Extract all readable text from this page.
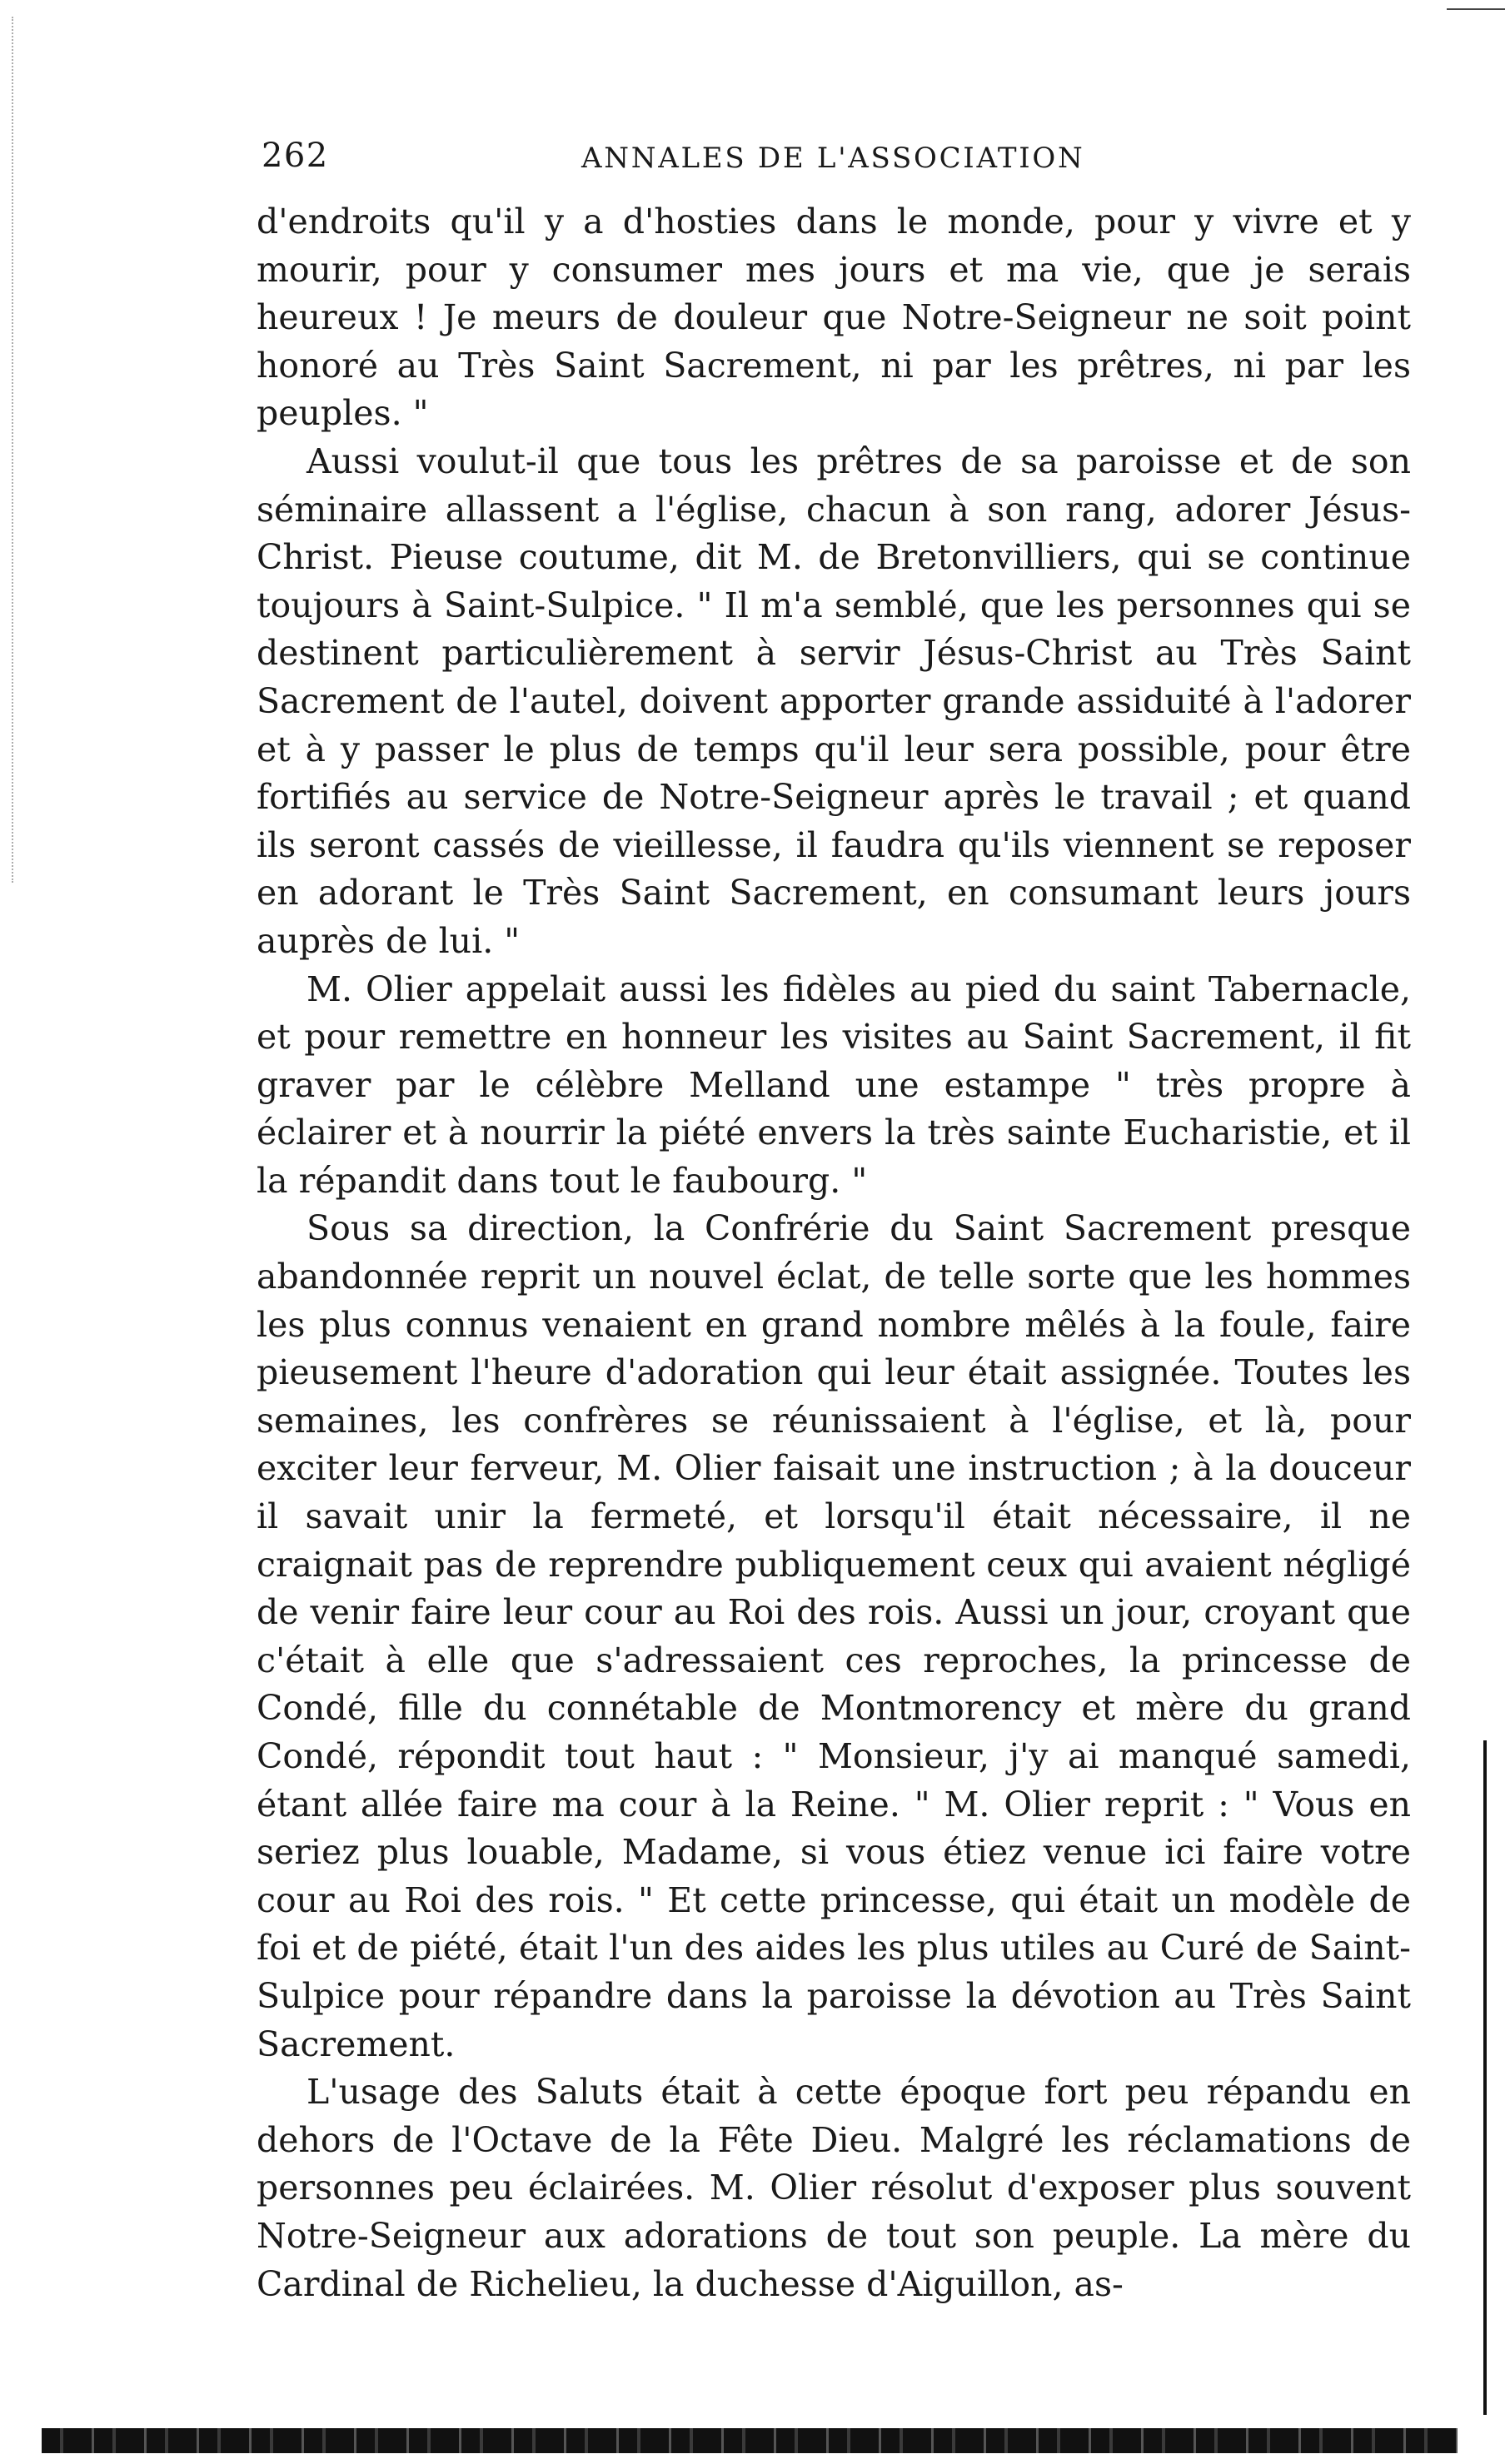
262	ANNALES DE L'ASSOCIATION

d'endroits qu'il y a d'hosties dans le monde, pour y vivre et y mourir, pour y consumer mes jours et ma vie, que je serais heureux ! Je meurs de douleur que Notre-Seigneur ne soit point honoré au Très Saint Sacrement, ni par les prêtres, ni par les peuples. "

Aussi voulut-il que tous les prêtres de sa paroisse et de son séminaire allassent a l'église, chacun à son rang, adorer Jésus-Christ. Pieuse coutume, dit M. de Bretonvilliers, qui se continue toujours à Saint-Sulpice. " Il m'a semblé, que les personnes qui se destinent particulièrement à servir Jésus-Christ au Très Saint Sacrement de l'autel, doivent apporter grande assiduité à l'adorer et à y passer le plus de temps qu'il leur sera possible, pour être fortifiés au service de Notre-Seigneur après le travail ; et quand ils seront cassés de vieillesse, il faudra qu'ils viennent se reposer en adorant le Très Saint Sacrement, en consumant leurs jours auprès de lui. "

M. Olier appelait aussi les fidèles au pied du saint Tabernacle, et pour remettre en honneur les visites au Saint Sacrement, il fit graver par le célèbre Melland une estampe " très propre à éclairer et à nourrir la piété envers la très sainte Eucharistie, et il la répandit dans tout le faubourg. "

Sous sa direction, la Confrérie du Saint Sacrement presque abandonnée reprit un nouvel éclat, de telle sorte que les hommes les plus connus venaient en grand nombre mêlés à la foule, faire pieusement l'heure d'adoration qui leur était assignée. Toutes les semaines, les confrères se réunissaient à l'église, et là, pour exciter leur ferveur, M. Olier faisait une instruction ; à la douceur il savait unir la fermeté, et lorsqu'il était nécessaire, il ne craignait pas de reprendre publiquement ceux qui avaient négligé de venir faire leur cour au Roi des rois. Aussi un jour, croyant que c'était à elle que s'adressaient ces reproches, la princesse de Condé, fille du connétable de Montmorency et mère du grand Condé, répondit tout haut : " Monsieur, j'y ai manqué samedi, étant allée faire ma cour à la Reine. " M. Olier reprit : " Vous en seriez plus louable, Madame, si vous étiez venue ici faire votre cour au Roi des rois. " Et cette princesse, qui était un modèle de foi et de piété, était l'un des aides les plus utiles au Curé de Saint-Sulpice pour répandre dans la paroisse la dévotion au Très Saint Sacrement.

L'usage des Saluts était à cette époque fort peu répandu en dehors de l'Octave de la Fête Dieu. Malgré les réclamations de personnes peu éclairées. M. Olier résolut d'exposer plus souvent Notre-Seigneur aux adorations de tout son peuple. La mère du Cardinal de Richelieu, la duchesse d'Aiguillon, as-
